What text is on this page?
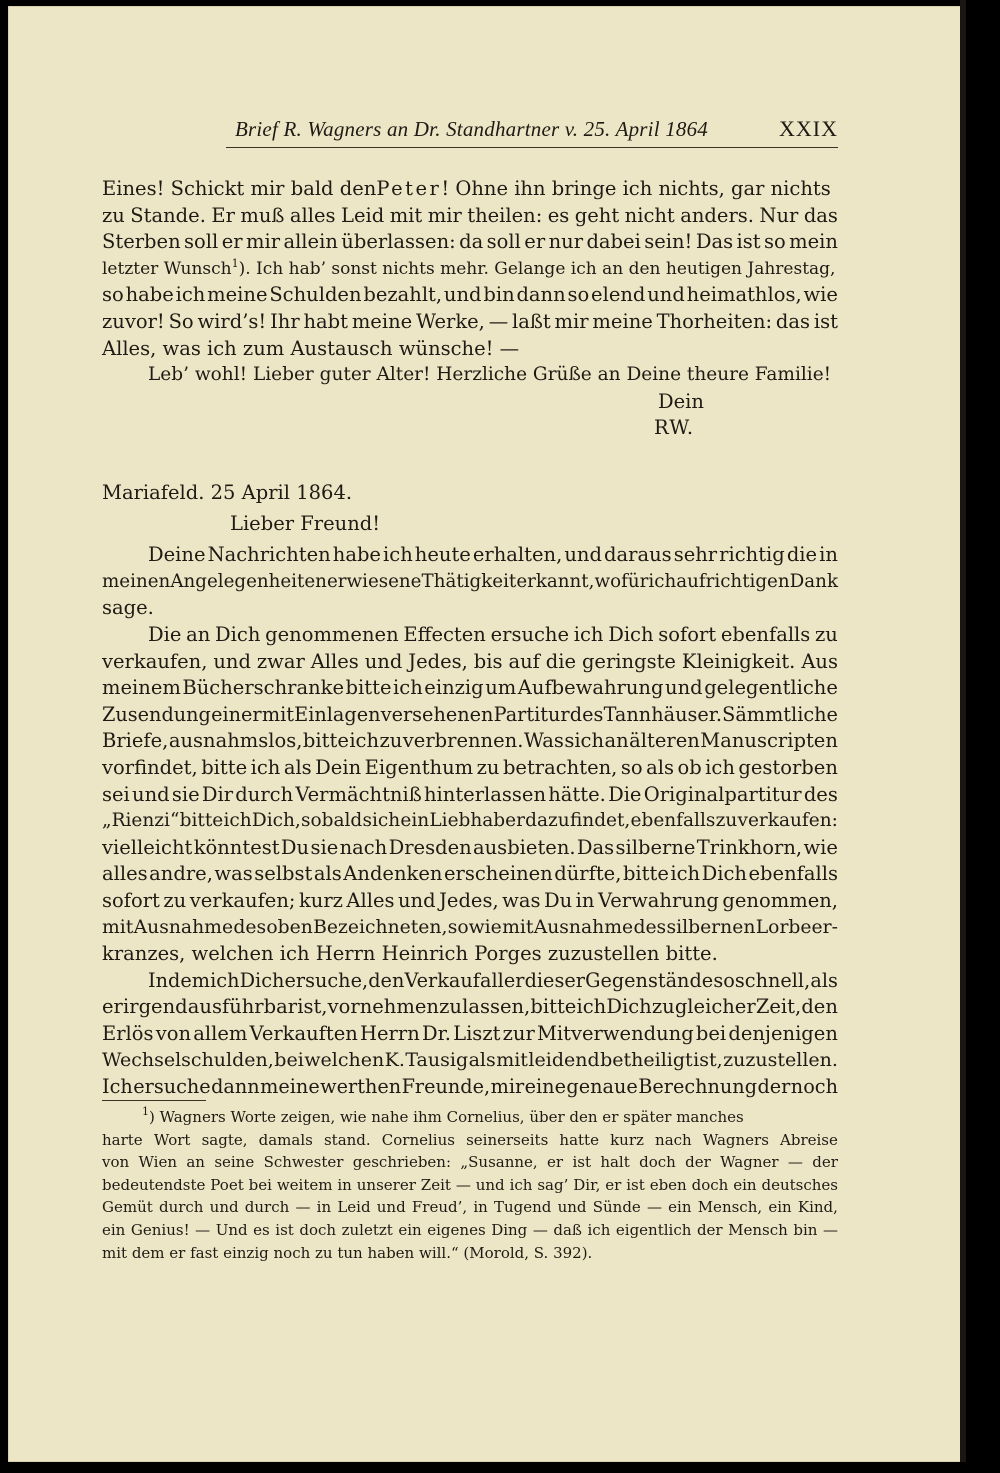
Brief R. Wagners an Dr. Standhartner v. 25. April 1864	XXIX
Eines! Schickt mir bald denPeter! Ohne ihn bringe ich nichts, gar nichts
zu Stande. Er muß alles Leid mit mir theilen: es geht nicht anders. Nur das
Sterben soll er mir allein überlassen: da soll er nur dabei sein! Das ist so mein
letzter Wunsch$^1$). Ich hab’ sonst nichts mehr. Gelange ich an den heutigen Jahrestag,
so habe ich meine Schulden bezahlt, und bin dann so elend und heimathlos, wie
zuvor! So wird’s! Ihr habt meine Werke, — laßt mir meine Thorheiten: das ist
Alles, was ich zum Austausch wünsche! —
Leb’ wohl! Lieber guter Alter! Herzliche Grüße an Deine theure Familie!
Dein
RW.
Mariafeld. 25 April 1864.
Lieber Freund!
Deine Nachrichten habe ich heute erhalten, und daraus sehr richtig die in
meinen Angelegenheiten erwiesene Thätigkeit erkannt, wofür ich aufrichtigen Dank
sage.
Die an Dich genommenen Effecten ersuche ich Dich sofort ebenfalls zu
verkaufen, und zwar Alles und Jedes, bis auf die geringste Kleinigkeit. Aus
meinem Bücherschranke bitte ich einzig um Aufbewahrung und gelegentliche
Zusendung einer mit Einlagen versehenen Partitur des Tannhäuser. Sämmtliche
Briefe, ausnahmslos, bitte ich zu verbrennen. Was sich an älteren Manuscripten
vorfindet, bitte ich als Dein Eigenthum zu betrachten, so als ob ich gestorben
sei und sie Dir durch Vermächtniß hinterlassen hätte. Die Originalpartitur des
„Rienzi“ bitte ich Dich, sobald sich ein Liebhaber dazu findet, ebenfalls zu verkaufen:
vielleicht könntest Du sie nach Dresden ausbieten. Das silberne Trinkhorn, wie
alles andre, was selbst als Andenken erscheinen dürfte, bitte ich Dich ebenfalls
sofort zu verkaufen; kurz Alles und Jedes, was Du in Verwahrung genommen,
mit Ausnahme des oben Bezeichneten, sowie mit Ausnahme des silbernen Lorbeer-
kranzes, welchen ich Herrn Heinrich Porges zuzustellen bitte.
Indem ich Dich ersuche, den Verkauf aller dieser Gegenstände so schnell, als
er irgend ausführbar ist, vornehmen zu lassen, bitte ich Dich zu gleicher Zeit, den
Erlös von allem Verkauften Herrn Dr. Liszt zur Mitverwendung bei denjenigen
Wechselschulden, bei welchen K. Tausig als mit leidend betheiligt ist, zuzustellen.
Ich ersuche dann meine werthen Freunde, mir eine genaue Berechnung der noch
$^1$) Wagners Worte zeigen, wie nahe ihm Cornelius, über den er später manches
harte Wort sagte, damals stand. Cornelius seinerseits hatte kurz nach Wagners Abreise
von Wien an seine Schwester geschrieben: „Susanne, er ist halt doch der Wagner — der
bedeutendste Poet bei weitem in unserer Zeit — und ich sag’ Dir, er ist eben doch ein deutsches
Gemüt durch und durch — in Leid und Freud’, in Tugend und Sünde — ein Mensch, ein Kind,
ein Genius! — Und es ist doch zuletzt ein eigenes Ding — daß ich eigentlich der Mensch bin —
mit dem er fast einzig noch zu tun haben will.“ (Morold, S. 392).
